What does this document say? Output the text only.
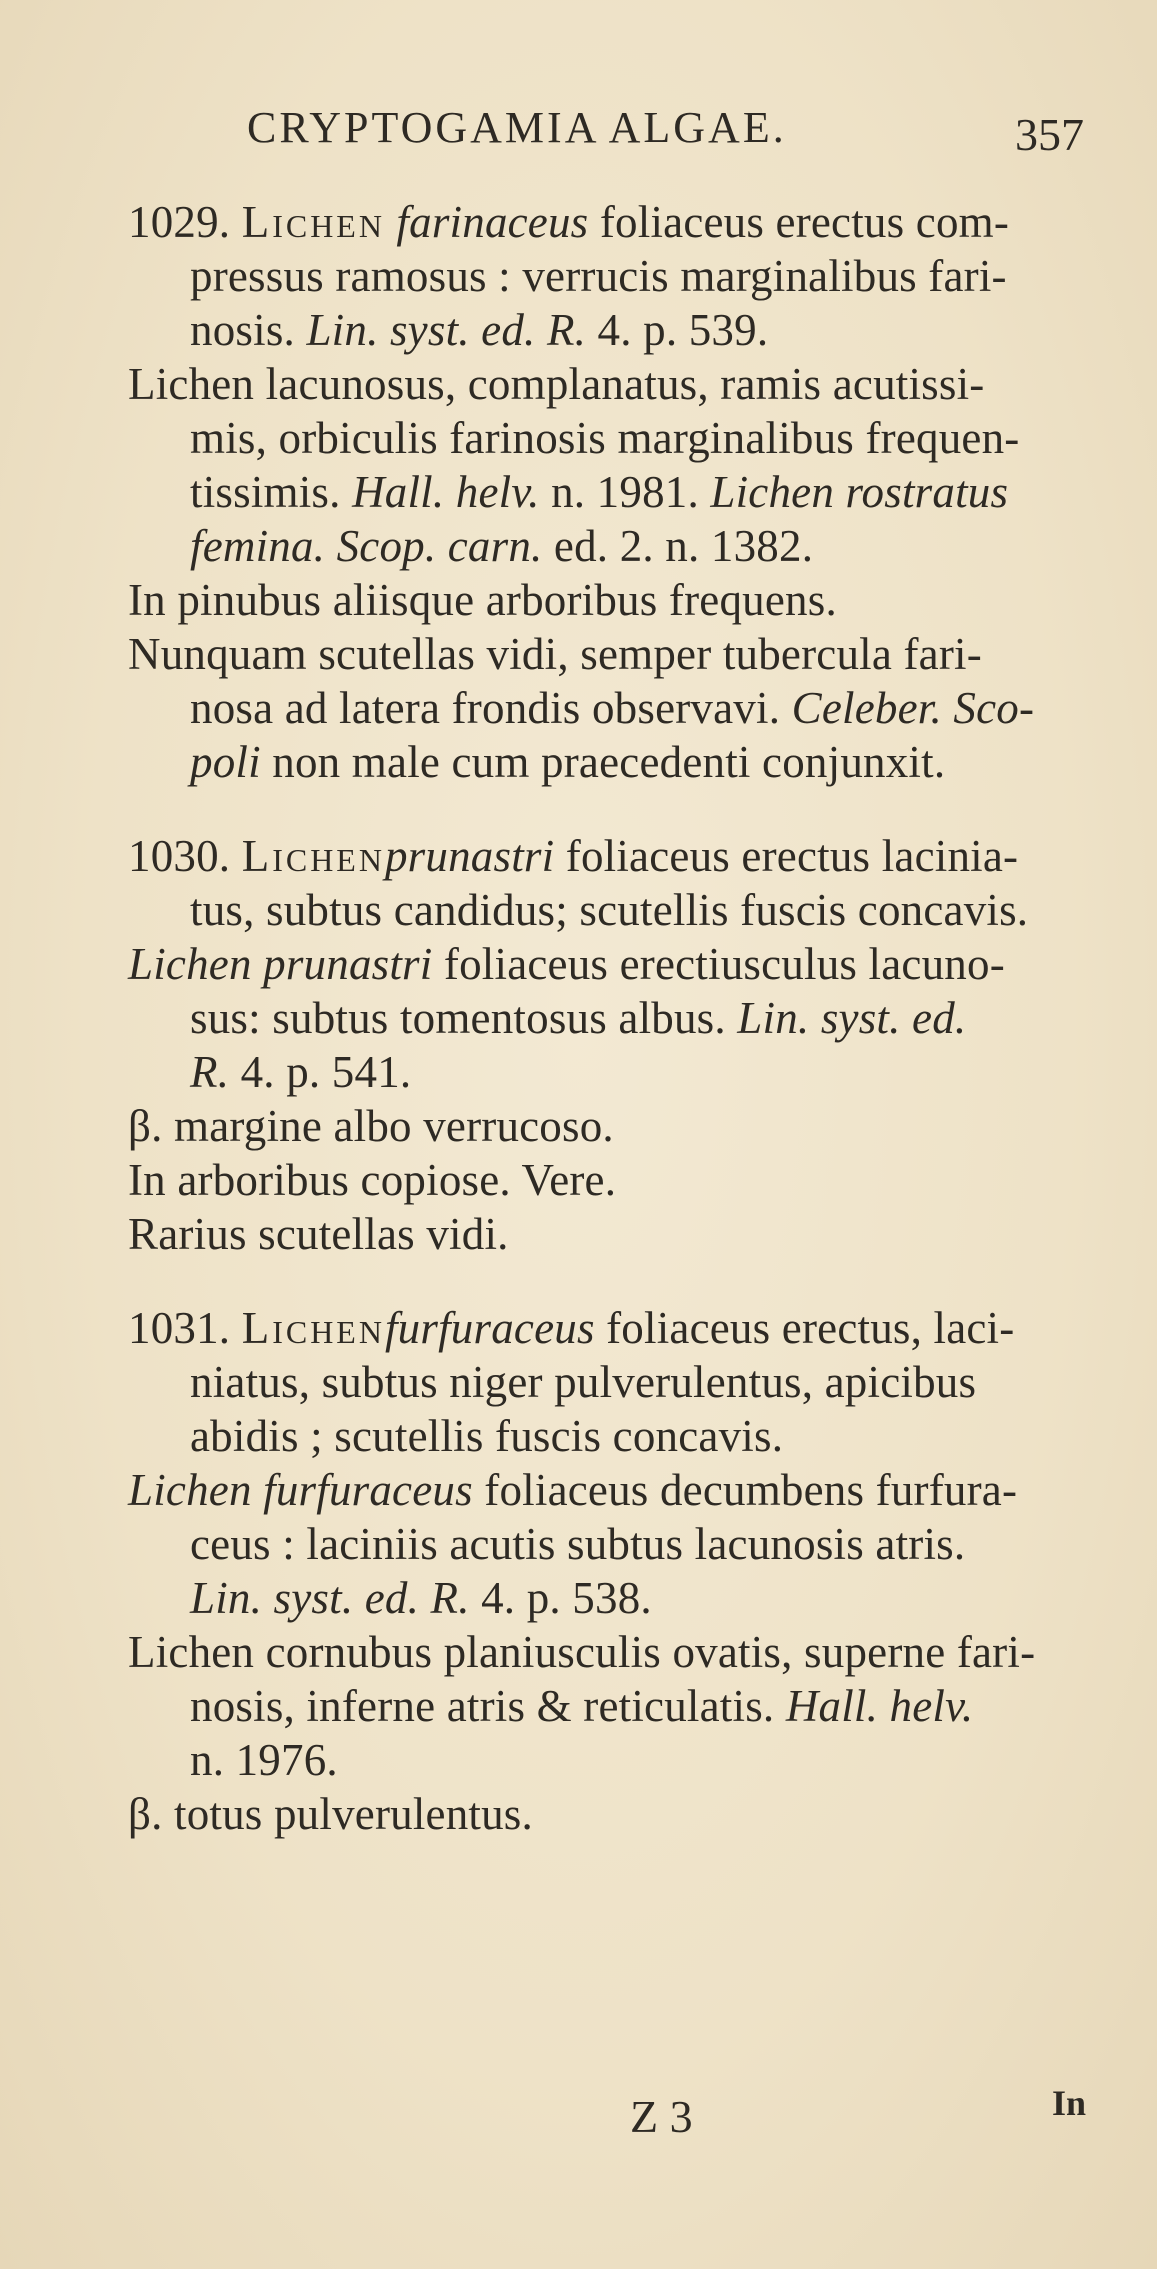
CRYPTOGAMIA ALGAE.	357
1029. Lichen farinaceus foliaceus erectus com-
pressus ramosus : verrucis marginalibus fari-
nosis. Lin. syst. ed. R. 4. p. 539.
Lichen lacunosus, complanatus, ramis acutissi-
mis, orbiculis farinosis marginalibus frequen-
tissimis. Hall. helv. n. 1981. Lichen rostratus
femina. Scop. carn. ed. 2. n. 1382.
In pinubus aliisque arboribus frequens.
Nunquam scutellas vidi, semper tubercula fari-
nosa ad latera frondis observavi. Celeber. Sco-
poli non male cum praecedenti conjunxit.
1030. Lichenprunastri foliaceus erectus lacinia-
tus, subtus candidus; scutellis fuscis concavis.
Lichen prunastri foliaceus erectiusculus lacuno-
sus: subtus tomentosus albus. Lin. syst. ed.
R. 4. p. 541.
β. margine albo verrucoso.
In arboribus copiose. Vere.
Rarius scutellas vidi.
1031. Lichenfurfuraceus foliaceus erectus, laci-
niatus, subtus niger pulverulentus, apicibus
abidis ; scutellis fuscis concavis.
Lichen furfuraceus foliaceus decumbens furfura-
ceus : laciniis acutis subtus lacunosis atris.
Lin. syst. ed. R. 4. p. 538.
Lichen cornubus planiusculis ovatis, superne fari-
nosis, inferne atris & reticulatis. Hall. helv.
n. 1976.
β. totus pulverulentus.
Z 3	In
